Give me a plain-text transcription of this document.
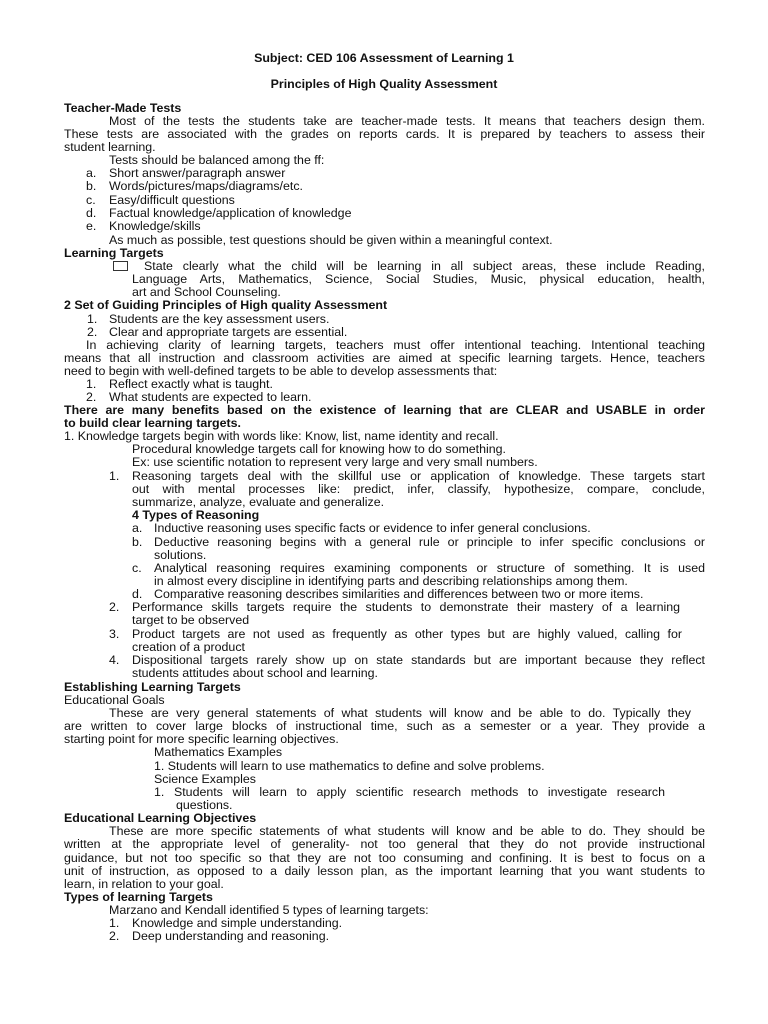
Subject: CED 106 Assessment of Learning 1
Principles of High Quality Assessment
Teacher-Made Tests
Most of the tests the students take are teacher-made tests. It means that teachers design them.
These tests are associated with the grades on reports cards. It is prepared by teachers to assess their
student learning.
Tests should be balanced among the ff:
a. Short answer/paragraph answer
b. Words/pictures/maps/diagrams/etc.
c. Easy/difficult questions
d. Factual knowledge/application of knowledge
e. Knowledge/skills
As much as possible, test questions should be given within a meaningful context.
Learning Targets
State clearly what the child will be learning in all subject areas, these include Reading,
Language Arts, Mathematics, Science, Social Studies, Music, physical education, health,
art and School Counseling.
2 Set of Guiding Principles of High quality Assessment
1. Students are the key assessment users.
2. Clear and appropriate targets are essential.
In achieving clarity of learning targets, teachers must offer intentional teaching. Intentional teaching
means that all instruction and classroom activities are aimed at specific learning targets. Hence, teachers
need to begin with well-defined targets to be able to develop assessments that:
1. Reflect exactly what is taught.
2. What students are expected to learn.
There are many benefits based on the existence of learning that are CLEAR and USABLE in order
to build clear learning targets.
1. Knowledge targets begin with words like: Know, list, name identity and recall.
Procedural knowledge targets call for knowing how to do something.
Ex: use scientific notation to represent very large and very small numbers.
1. Reasoning targets deal with the skillful use or application of knowledge. These targets start
out with mental processes like: predict, infer, classify, hypothesize, compare, conclude,
summarize, analyze, evaluate and generalize.
4 Types of Reasoning
a. Inductive reasoning uses specific facts or evidence to infer general conclusions.
b. Deductive reasoning begins with a general rule or principle to infer specific conclusions or
solutions.
c. Analytical reasoning requires examining components or structure of something. It is used
in almost every discipline in identifying parts and describing relationships among them.
d. Comparative reasoning describes similarities and differences between two or more items.
2. Performance skills targets require the students to demonstrate their mastery of a learning
target to be observed
3. Product targets are not used as frequently as other types but are highly valued, calling for
creation of a product
4. Dispositional targets rarely show up on state standards but are important because they reflect
students attitudes about school and learning.
Establishing Learning Targets
Educational Goals
These are very general statements of what students will know and be able to do. Typically they
are written to cover large blocks of instructional time, such as a semester or a year. They provide a
starting point for more specific learning objectives.
Mathematics Examples
1. Students will learn to use mathematics to define and solve problems.
Science Examples
1. Students will learn to apply scientific research methods to investigate research
questions.
Educational Learning Objectives
These are more specific statements of what students will know and be able to do. They should be
written at the appropriate level of generality- not too general that they do not provide instructional
guidance, but not too specific so that they are not too consuming and confining. It is best to focus on a
unit of instruction, as opposed to a daily lesson plan, as the important learning that you want students to
learn, in relation to your goal.
Types of learning Targets
Marzano and Kendall identified 5 types of learning targets:
1. Knowledge and simple understanding.
2. Deep understanding and reasoning.
